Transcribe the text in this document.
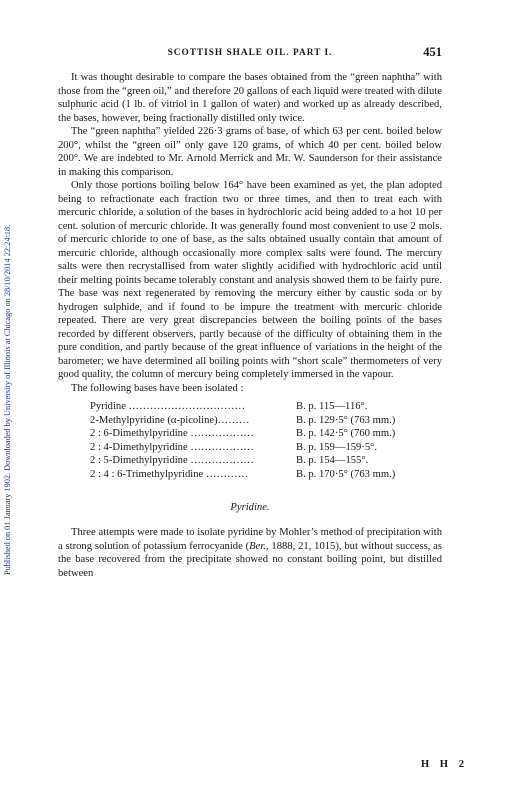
Published on 01 January 1902. Downloaded by University of Illinois at Chicago on 28/10/2014 22:24:18.
SCOTTISH SHALE OIL. PART I.	451

It was thought desirable to compare the bases obtained from the “green naphtha” with those from the “green oil,” and therefore 20 gallons of each liquid were treated with dilute sulphuric acid (1 lb. of vitriol in 1 gallon of water) and worked up as already described, the bases, however, being fractionally distilled only twice.

The “green naphtha” yielded 226·3 grams of base, of which 63 per cent. boiled below 200°, whilst the “green oil” only gave 120 grams, of which 40 per cent. boiled below 200°. We are indebted to Mr. Arnold Merrick and Mr. W. Saunderson for their assistance in making this comparison.

Only those portions boiling below 164° have been examined as yet, the plan adopted being to refractionate each fraction two or three times, and then to treat each with mercuric chloride, a solution of the bases in hydrochloric acid being added to a hot 10 per cent. solution of mercuric chloride. It was generally found most convenient to use 2 mols. of mercuric chloride to one of base, as the salts obtained usually contain that amount of mercuric chloride, although occasionally more complex salts were found. The mercury salts were then recrystallised from water slightly acidified with hydrochloric acid until their melting points became tolerably constant and analysis showed them to be fairly pure. The base was next regenerated by removing the mercury either by caustic soda or by hydrogen sulphide, and if found to be impure the treatment with mercuric chloride repeated. There are very great discrepancies between the boiling points of the bases recorded by different observers, partly because of the difficulty of obtaining them in the pure condition, and partly because of the great influence of variations in the height of the barometer; we have determined all boiling points with “short scale” thermometers of very good quality, the column of mercury being completely immersed in the vapour.

The following bases have been isolated :

Pyridine ……………………………	B. p. 115—116°.
2-Methylpyridine (α-picoline)………	B. p. 129·5° (763 mm.)
2 : 6-Dimethylpyridine ………………	B. p. 142·5° (760 mm.)
2 : 4-Dimethylpyridine ………………	B. p. 159—159·5°.
2 : 5-Dimethylpyridine ………………	B. p. 154—155°.
2 : 4 : 6-Trimethylpyridine …………	B. p. 170·5° (763 mm.)
Pyridine.

Three attempts were made to isolate pyridine by Mohler’s method of precipitation with a strong solution of potassium ferrocyanide (Ber., 1888, 21, 1015), but without success, as the base recovered from the precipitate showed no constant boiling point, but distilled between

H H 2
